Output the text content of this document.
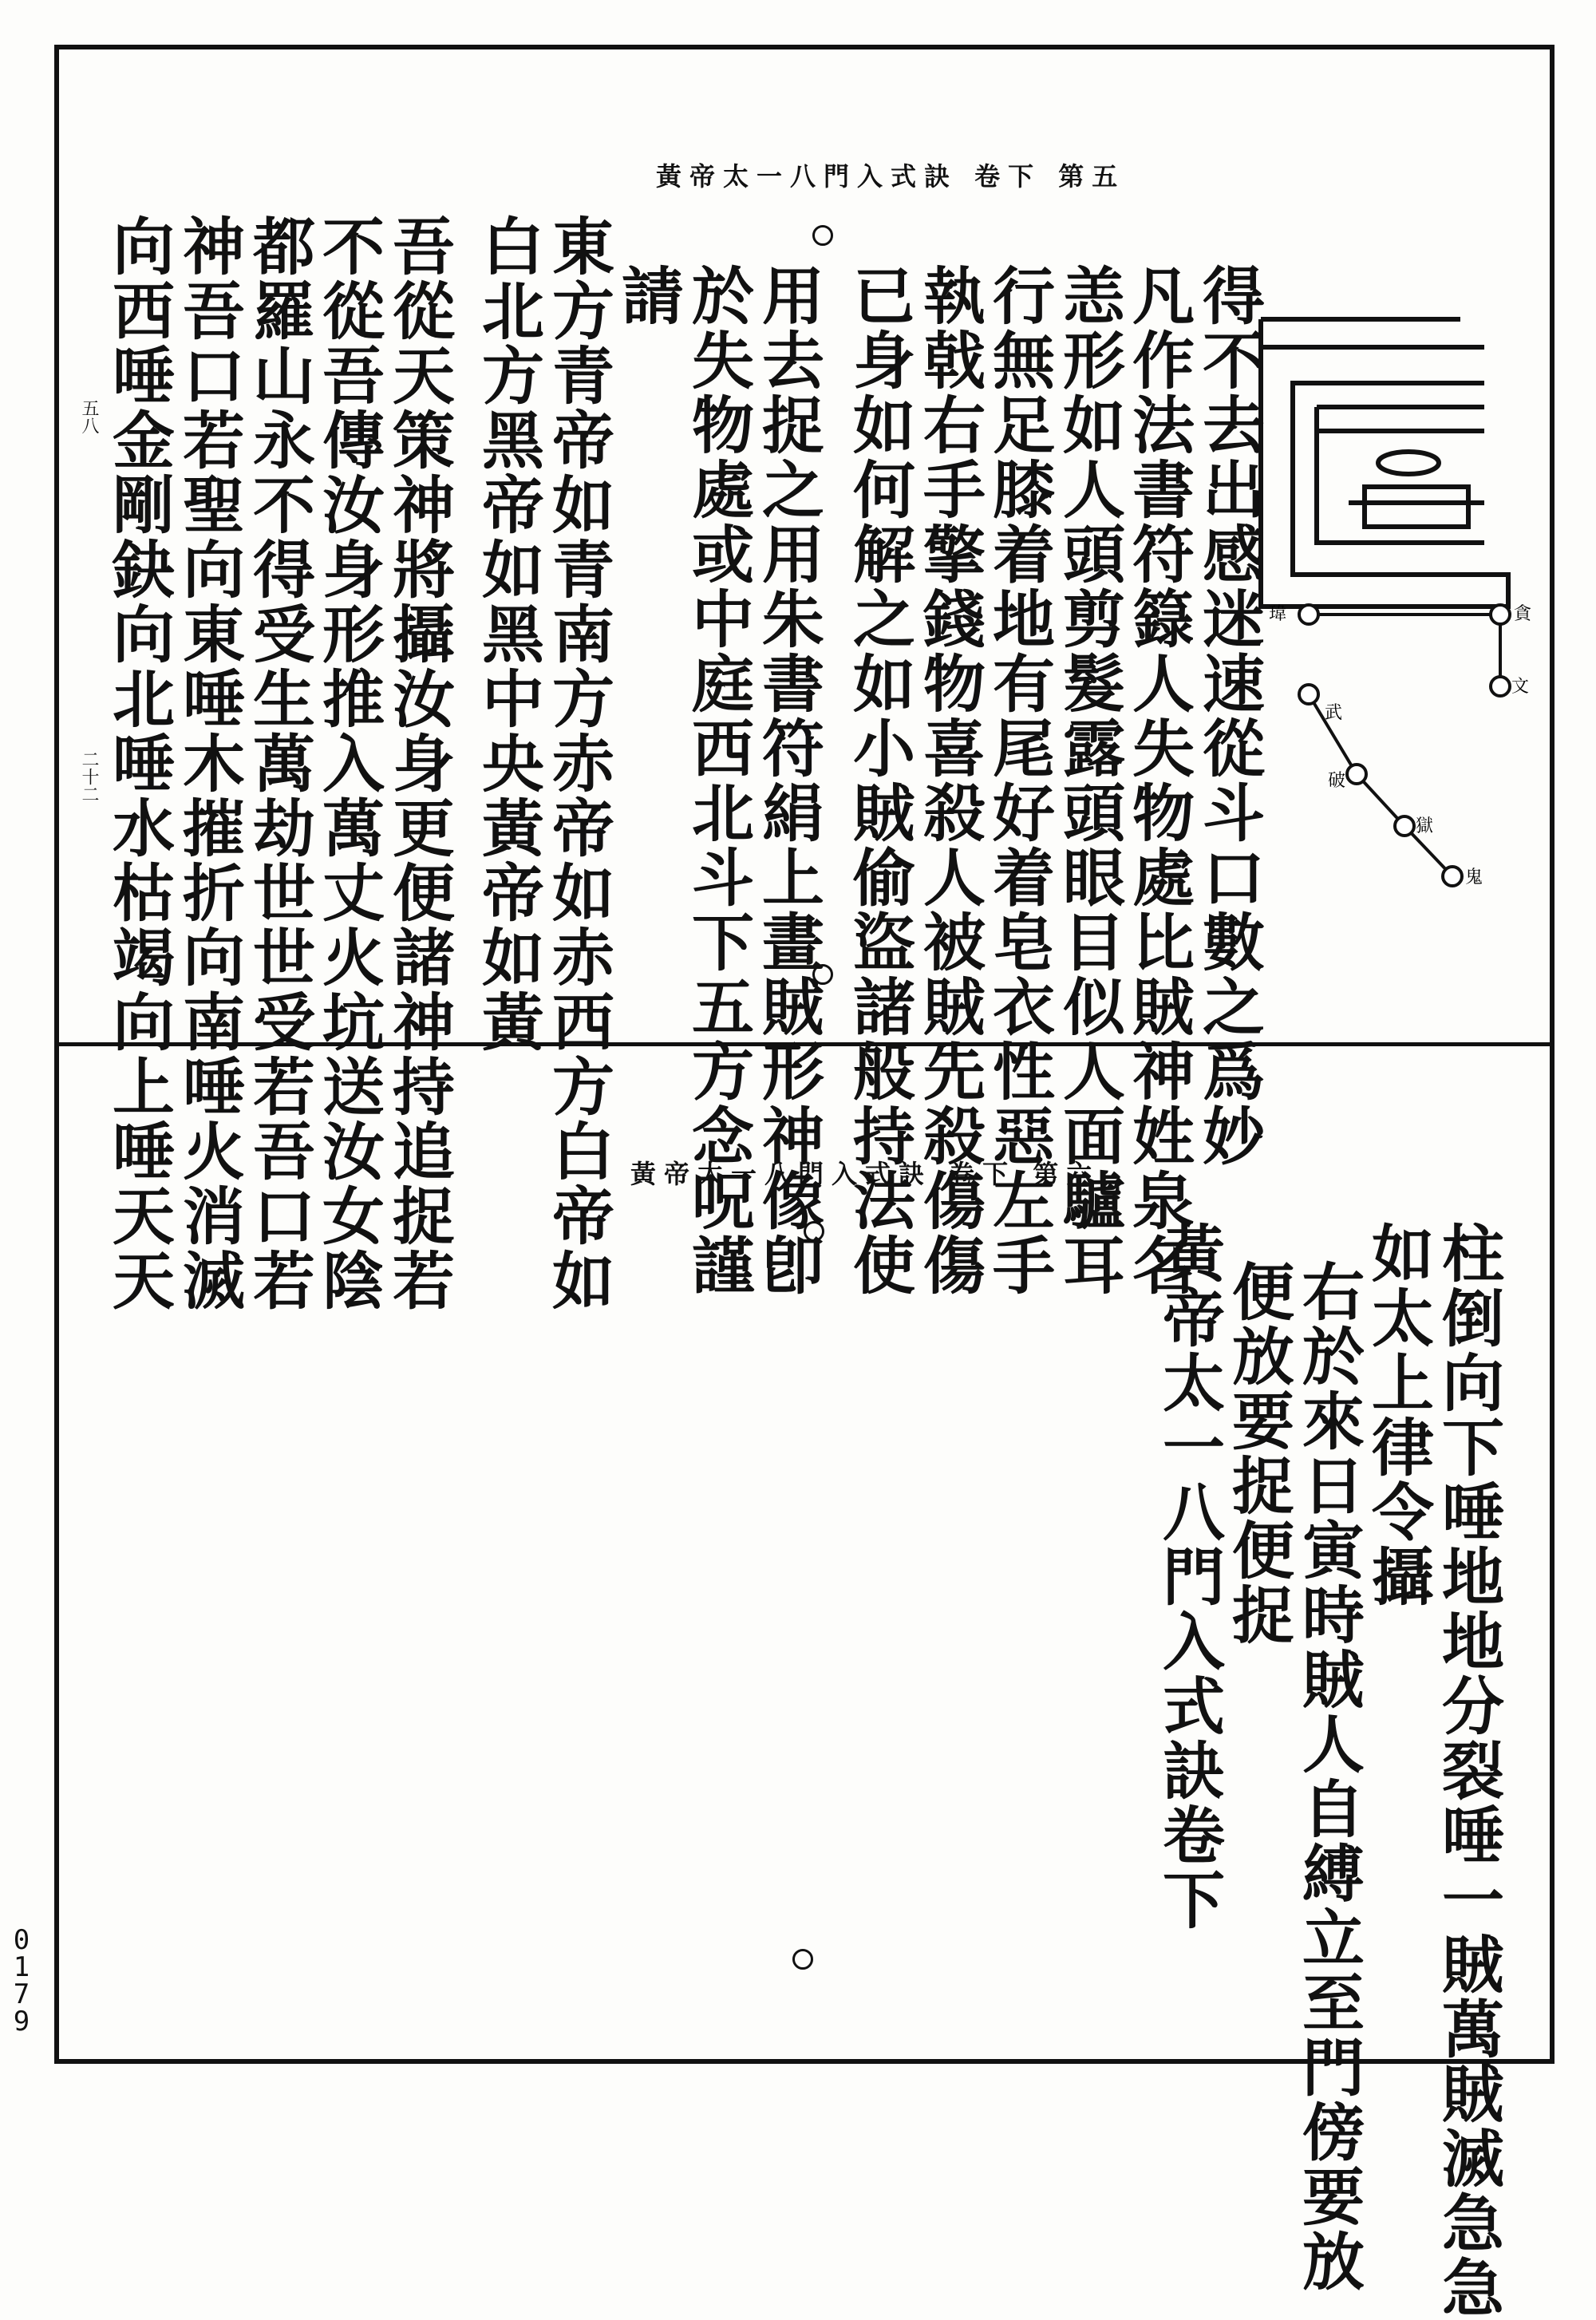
0
1
7
9
黃帝太一八門入式訣 卷下 第五
瑋	貪
文
武
破
獄
鬼
得不去出感迷速從斗口數之爲妙
凡作法書符籙人失物處比賊神姓泉名
恙形如人頭剪髮露頭眼目似人面驢耳
行無足膝着地有尾好着皂衣性惡左手
執戟右手擎錢物喜殺人被賊先殺傷傷
已身如何解之如小賊偷盜諸般持法使
用去捉之用朱書符絹上畫賊形神像卽
於失物處或中庭西北斗下五方念呪謹
請
東方青帝如青南方赤帝如赤西方白帝如
白北方黑帝如黑中央黃帝如黃
吾從天策神將攝汝身更便諸神持追捉若
不從吾傳汝身形推入萬丈火坑送汝女陰
都羅山永不得受生萬劫世世受若吾口若
神吾口若聖向東唾木摧折向南唾火消滅
向西唾金剛鈌向北唾水枯竭向上唾天天
五八
二十二
黃帝太一八門入式訣 卷下 第六
柱倒向下唾地地分裂唾一賊萬賊滅急急
如太上律令攝
右於來日寅時賊人自縛立至門傍要放
便放要捉便捉
黃帝太一八門入式訣卷下
